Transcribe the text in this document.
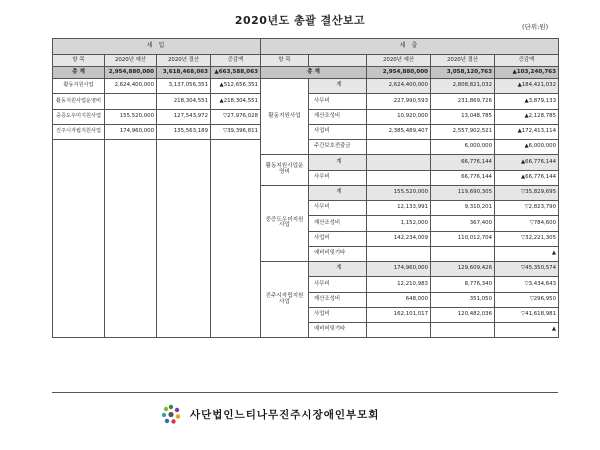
2020년도 총괄 결산보고	(단위:원)
세 입				세 출				
항 목	2020년 예산	2020년 결산	증감액	항 목		2020년 예산	2020년 결산	증감액
총 계	2,954,880,000	3,618,468,063	▲663,588,063	총 계		2,954,880,000	3,058,120,763	▲103,240,763
활동지원사업	2,624,400,000	3,137,056,351	▲512,656,351	활동지원사업	계	2,624,400,000	2,808,821,032	▲184,421,032
활동지원사업운영비		218,304,551	▲218,304,551		사무비	227,990,593	231,869,726	▲3,879,133
중증도우미지원사업	155,520,000	127,543,972	▽27,976,028		재산조성비	10,920,000	13,048,785	▲2,128,785
진주시자립지원사업	174,960,000	135,563,189	▽39,396,811		사업비	2,385,489,407	2,557,902,521	▲172,413,114
					주간보호전출금		6,000,000	▲6,000,000
				활동지원사업운영비	계		66,776,144	▲66,776,144
					사무비		66,776,144	▲66,776,144
				중증도우미지원사업	계	155,520,000	119,690,305	▽35,829,695
					사무비	12,133,991	9,310,201	▽2,823,790
					재산조성비	1,152,000	367,400	▽784,600
					사업비	142,234,009	110,012,704	▽32,221,305
					예비비및기타			▲
				진주시자립지원사업	계	174,960,000	129,609,426	▽45,350,574
					사무비	12,210,983	8,776,340	▽3,434,643
					재산조성비	648,000	351,050	▽296,950
					사업비	162,101,017	120,482,036	▽41,618,981
					예비비및기타			▲
사단법인느티나무진주시장애인부모회
